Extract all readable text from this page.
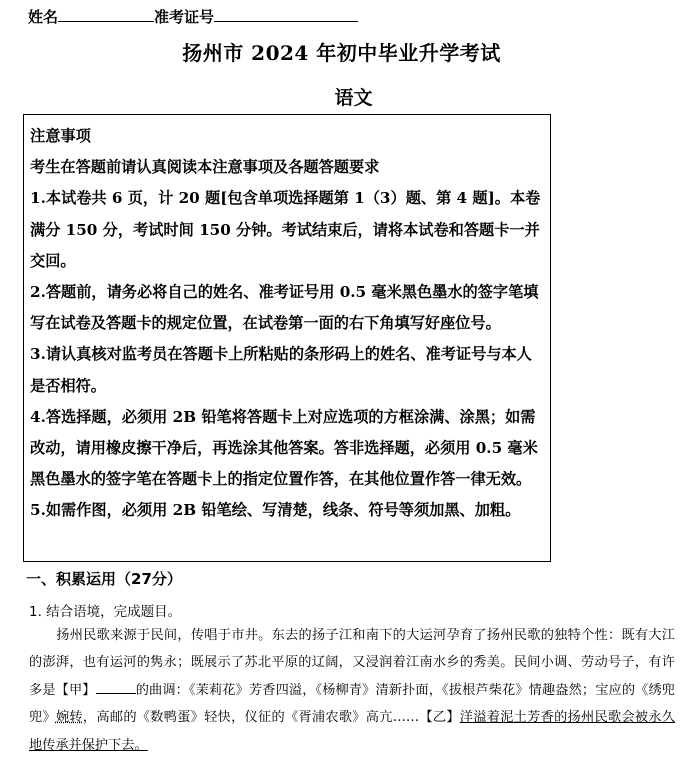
姓名	准考证号
扬州市 2024 年初中毕业升学考试
语文

注意事项

考生在答题前请认真阅读本注意事项及各题答题要求

1.本试卷共 6 页，计 20 题[包含单项选择题第 1（3）题、第 4 题]。本卷满分 150 分，考试时间 150 分钟。考试结束后，请将本试卷和答题卡一并交回。

2.答题前，请务必将自己的姓名、准考证号用 0.5 毫米黑色墨水的签字笔填写在试卷及答题卡的规定位置，在试卷第一面的右下角填写好座位号。

3.请认真核对监考员在答题卡上所粘贴的条形码上的姓名、准考证号与本人是否相符。

4.答选择题，必须用 2B 铅笔将答题卡上对应选项的方框涂满、涂黑；如需改动，请用橡皮擦干净后，再选涂其他答案。答非选择题，必须用 0.5 毫米黑色墨水的签字笔在答题卡上的指定位置作答，在其他位置作答一律无效。

5.如需作图，必须用 2B 铅笔绘、写清楚，线条、符号等须加黑、加粗。

一、积累运用（27分）
1. 结合语境，完成题目。
扬州民歌来源于民间，传唱于市井。东去的扬子江和南下的大运河孕育了扬州民歌的独特个性：既有大江的澎湃，也有运河的隽永；既展示了苏北平原的辽阔，又浸润着江南水乡的秀美。民间小调、劳动号子，有许多是【甲】	的曲调：《茉莉花》芳香四溢，《杨柳青》清新扑面，《拔根芦柴花》情趣盎然；宝应的《绣兜兜》婉转，高邮的《数鸭蛋》轻快，仪征的《胥浦农歌》高亢……【乙】洋溢着泥土芳香的扬州民歌会被永久地传承并保护下去。
